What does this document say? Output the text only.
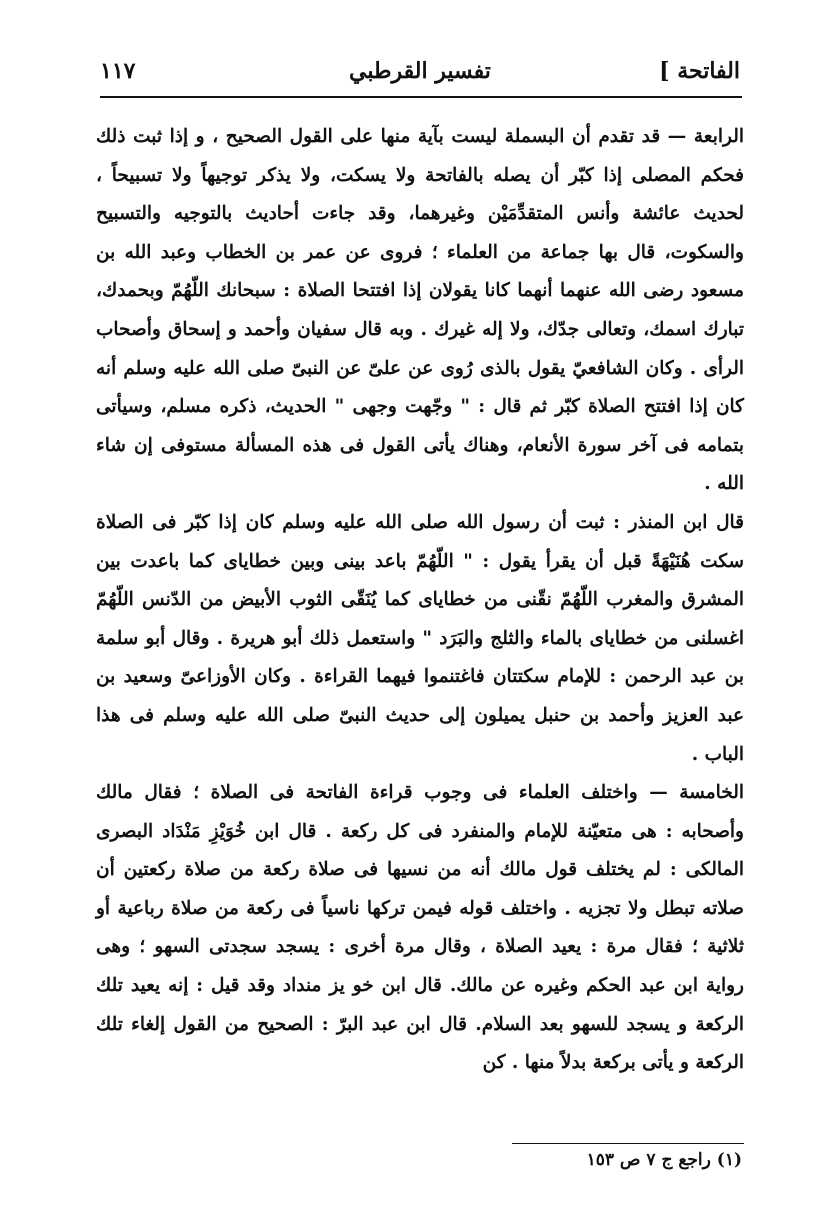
الفاتحة ]
تفسير القرطبي
١١٧

الرابعة — قد تقدم أن البسملة ليست بآية منها على القول الصحيح ، و إذا ثبت ذلك فحكم المصلى إذا كبّر أن يصله بالفاتحة ولا يسكت، ولا يذكر توجيهاً ولا تسبيحاً ، لحديث عائشة وأنس المتقدِّمَيْن وغيرهما، وقد جاءت أحاديث بالتوجيه والتسبيح والسكوت، قال بها جماعة من العلماء ؛ فروى عن عمر بن الخطاب وعبد الله بن مسعود رضى الله عنهما أنهما كانا يقولان إذا افتتحا الصلاة : سبحانك اللّهُمّ وبحمدك، تبارك اسمك، وتعالى جدّك، ولا إله غيرك . وبه قال سفيان وأحمد و إسحاق وأصحاب الرأى . وكان الشافعيّ يقول بالذى رُوى عن علىّ عن النبىّ صلى الله عليه وسلم أنه كان إذا افتتح الصلاة كبّر ثم قال : " وجّهت وجهى " الحديث، ذكره مسلم، وسيأتى بتمامه فى آخر سورة الأنعام، وهناك يأتى القول فى هذه المسألة مستوفى إن شاء الله .

قال ابن المنذر : ثبت أن رسول الله صلى الله عليه وسلم كان إذا كبّر فى الصلاة سكت هُنَيْهَةً قبل أن يقرأ يقول : " اللّهُمّ باعد بينى وبين خطاياى كما باعدت بين المشرق والمغرب اللّهُمّ نقّنى من خطاياى كما يُنَقّى الثوب الأبيض من الدّنس اللّهُمّ اغسلنى من خطاياى بالماء والثلج والبَرَد " واستعمل ذلك أبو هريرة . وقال أبو سلمة بن عبد الرحمن : للإمام سكتتان فاغتنموا فيهما القراءة . وكان الأوزاعىّ وسعيد بن عبد العزيز وأحمد بن حنبل يميلون إلى حديث النبىّ صلى الله عليه وسلم فى هذا الباب .

الخامسة — واختلف العلماء فى وجوب قراءة الفاتحة فى الصلاة ؛ فقال مالك وأصحابه : هى متعيّنة للإمام والمنفرد فى كل ركعة . قال ابن خُوَيْزِ مَنْدَاد البصرى المالكى : لم يختلف قول مالك أنه من نسيها فى صلاة ركعة من صلاة ركعتين أن صلاته تبطل ولا تجزيه . واختلف قوله فيمن تركها ناسياً فى ركعة من صلاة رباعية أو ثلاثية ؛ فقال مرة : يعيد الصلاة ، وقال مرة أخرى : يسجد سجدتى السهو ؛ وهى رواية ابن عبد الحكم وغيره عن مالك. قال ابن خو يز منداد وقد قيل : إنه يعيد تلك الركعة و يسجد للسهو بعد السلام. قال ابن عبد البرّ : الصحيح من القول إلغاء تلك الركعة و يأتى بركعة بدلاً منها . كن

(١) راجع ج ٧ ص ١٥٣
